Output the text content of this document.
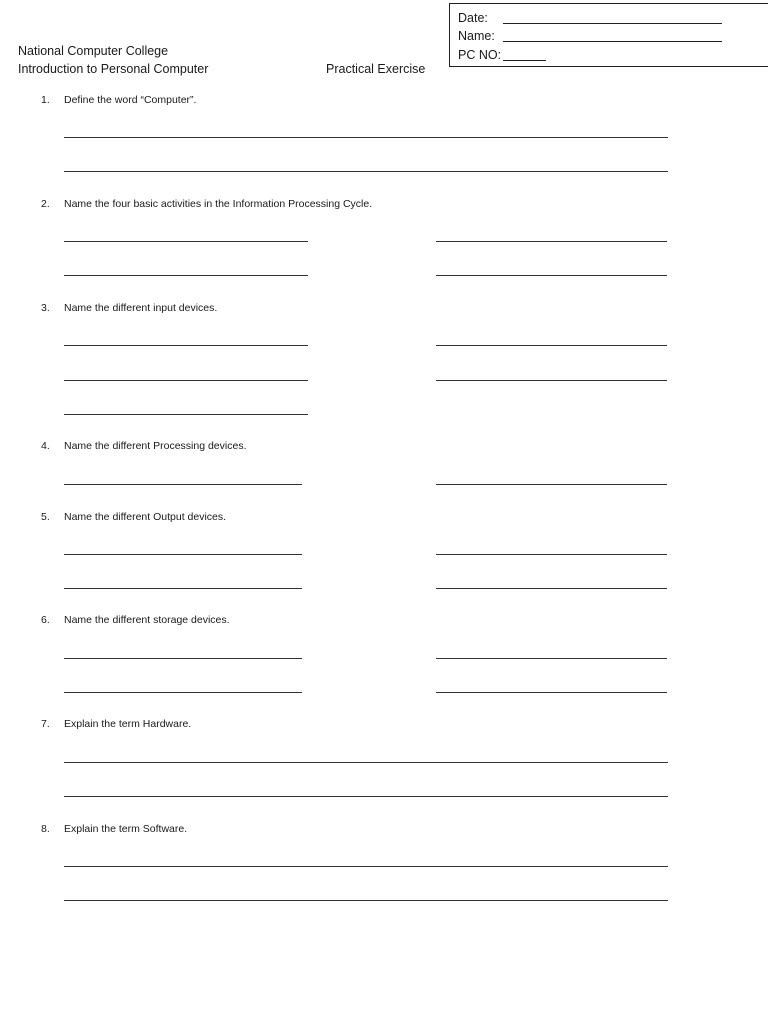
Date:
Name:
PC NO:
National Computer College
Introduction to Personal Computer	Practical Exercise
1. Define the word “Computer”.
2. Name the four basic activities in the Information Processing Cycle.
3. Name the different input devices.
4. Name the different Processing devices.
5. Name the different Output devices.
6. Name the different storage devices.
7. Explain the term Hardware.
8. Explain the term Software.
